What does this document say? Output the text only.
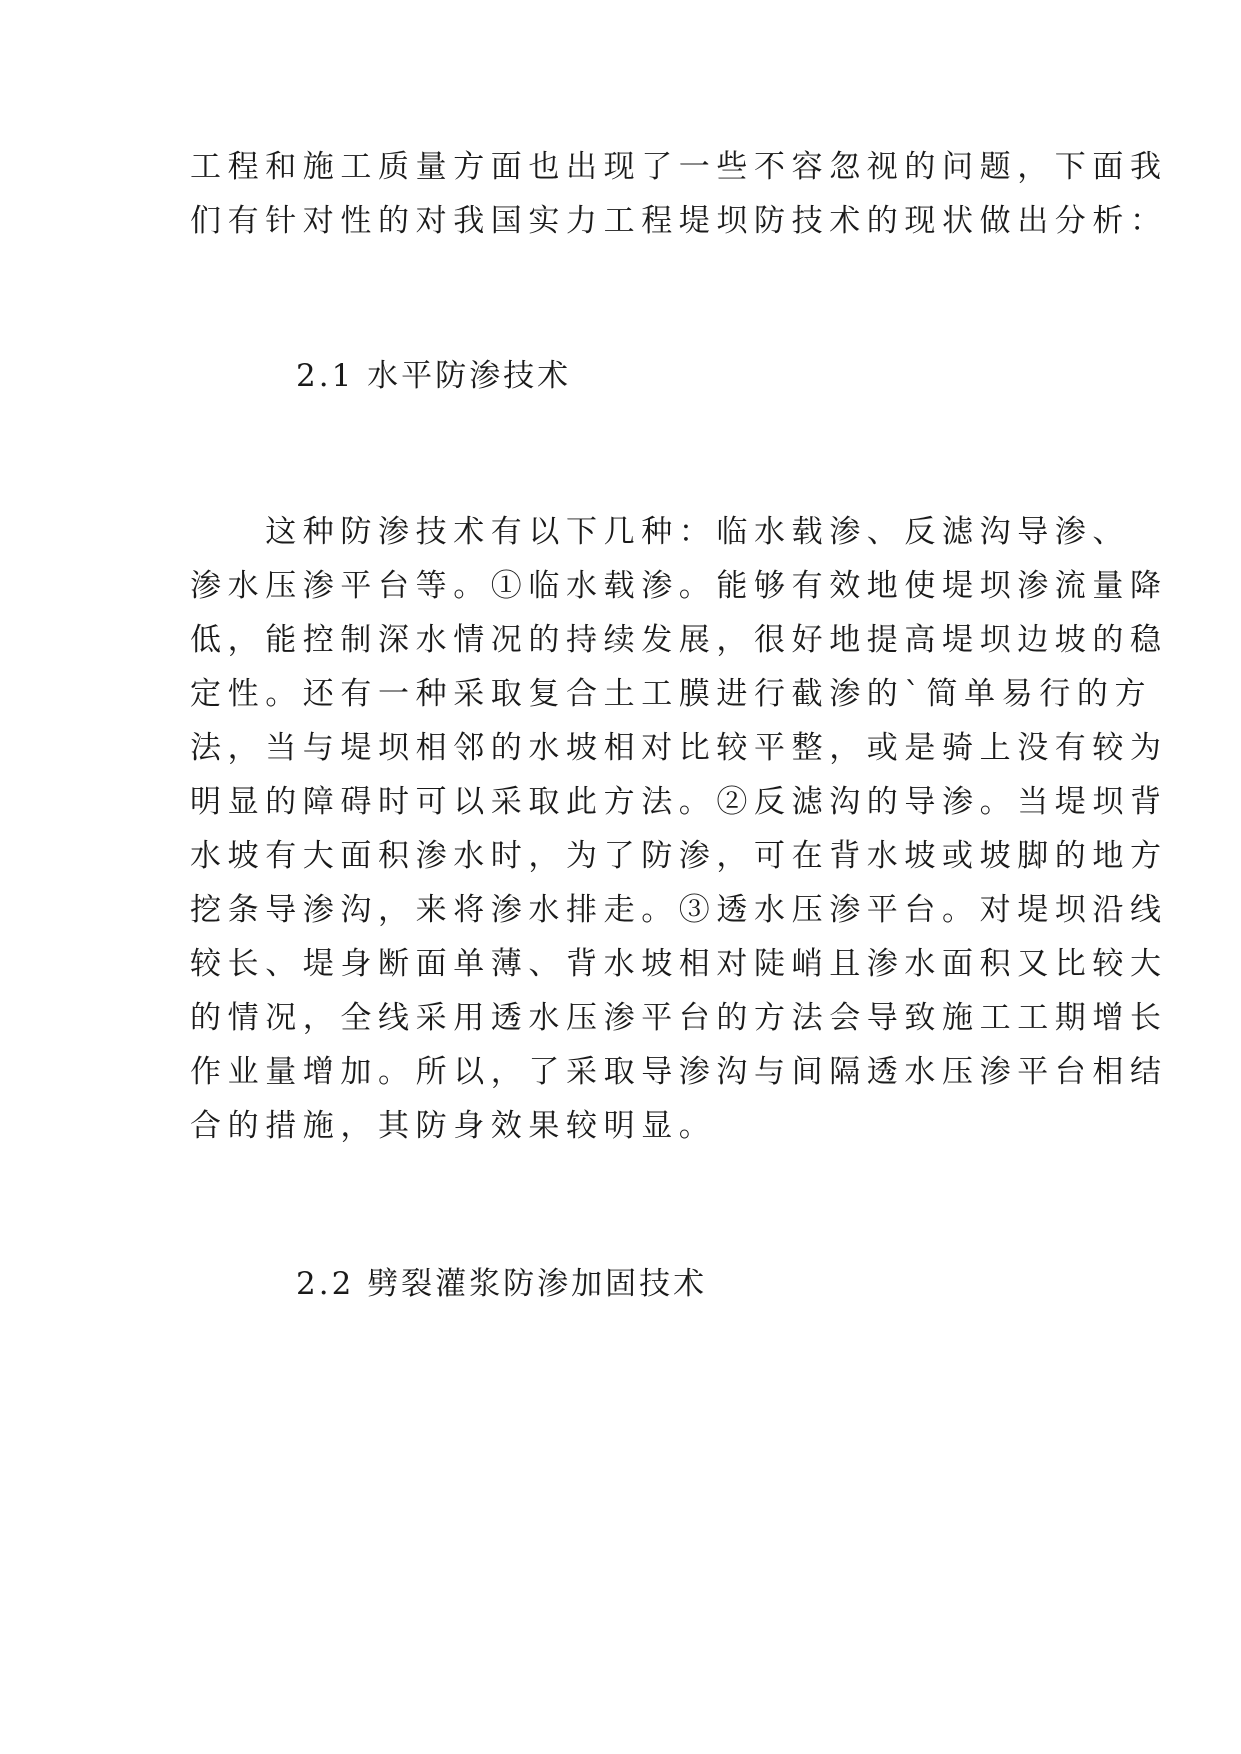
工程和施工质量方面也出现了一些不容忽视的问题，下面我
们有针对性的对我国实力工程堤坝防技术的现状做出分析：
2.1 水平防渗技术
　　这种防渗技术有以下几种：临水载渗、反滤沟导渗、
渗水压渗平台等。①临水载渗。能够有效地使堤坝渗流量降
低，能控制深水情况的持续发展，很好地提高堤坝边坡的稳
定性。还有一种采取复合土工膜进行截渗的`简单易行的方
法，当与堤坝相邻的水坡相对比较平整，或是骑上没有较为
明显的障碍时可以采取此方法。②反滤沟的导渗。当堤坝背
水坡有大面积渗水时，为了防渗，可在背水坡或坡脚的地方
挖条导渗沟，来将渗水排走。③透水压渗平台。对堤坝沿线
较长、堤身断面单薄、背水坡相对陡峭且渗水面积又比较大
的情况，全线采用透水压渗平台的方法会导致施工工期增长
作业量增加。所以，了采取导渗沟与间隔透水压渗平台相结
合的措施，其防身效果较明显。
2.2 劈裂灌浆防渗加固技术
